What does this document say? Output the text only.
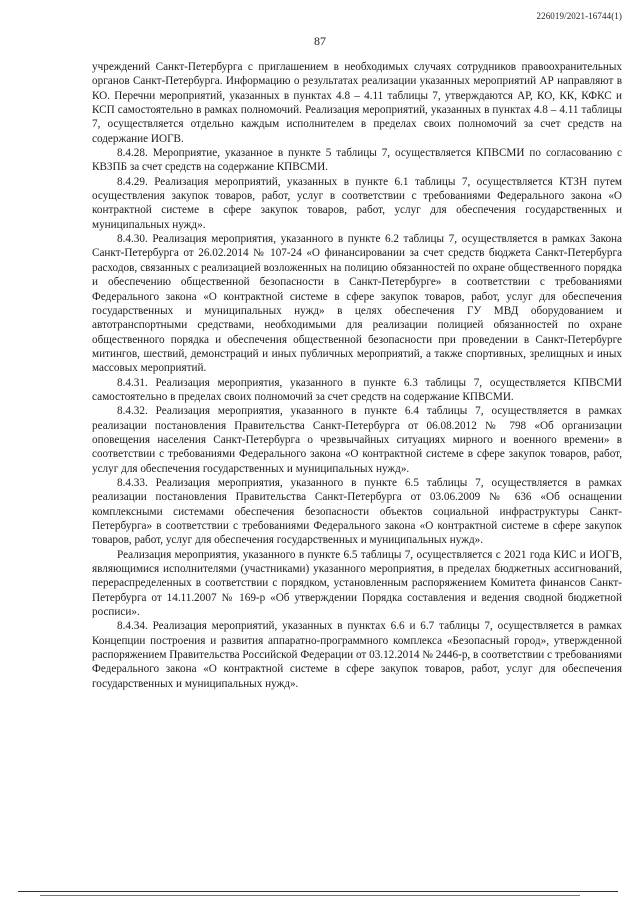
226019/2021-16744(1)
87

учреждений Санкт-Петербурга с приглашением в необходимых случаях сотрудников правоохранительных органов Санкт-Петербурга. Информацию о результатах реализации указанных мероприятий АР направляют в КО. Перечни мероприятий, указанных в пунктах 4.8 – 4.11 таблицы 7, утверждаются АР, КО, КК, КФКС и КСП самостоятельно в рамках полномочий. Реализация мероприятий, указанных в пунктах 4.8 – 4.11 таблицы 7, осуществляется отдельно каждым исполнителем в пределах своих полномочий за счет средств на содержание ИОГВ.

8.4.28. Мероприятие, указанное в пункте 5 таблицы 7, осуществляется КПВСМИ по согласованию с КВЗПБ за счет средств на содержание КПВСМИ.

8.4.29. Реализация мероприятий, указанных в пункте 6.1 таблицы 7, осуществляется КТЗН путем осуществления закупок товаров, работ, услуг в соответствии с требованиями Федерального закона «О контрактной системе в сфере закупок товаров, работ, услуг для обеспечения государственных и муниципальных нужд».

8.4.30. Реализация мероприятия, указанного в пункте 6.2 таблицы 7, осуществляется в рамках Закона Санкт-Петербурга от 26.02.2014 № 107-24 «О финансировании за счет средств бюджета Санкт-Петербурга расходов, связанных с реализацией возложенных на полицию обязанностей по охране общественного порядка и обеспечению общественной безопасности в Санкт-Петербурге» в соответствии с требованиями Федерального закона «О контрактной системе в сфере закупок товаров, работ, услуг для обеспечения государственных и муниципальных нужд» в целях обеспечения ГУ МВД оборудованием и автотранспортными средствами, необходимыми для реализации полицией обязанностей по охране общественного порядка и обеспечения общественной безопасности при проведении в Санкт-Петербурге митингов, шествий, демонстраций и иных публичных мероприятий, а также спортивных, зрелищных и иных массовых мероприятий.

8.4.31. Реализация мероприятия, указанного в пункте 6.3 таблицы 7, осуществляется КПВСМИ самостоятельно в пределах своих полномочий за счет средств на содержание КПВСМИ.

8.4.32. Реализация мероприятия, указанного в пункте 6.4 таблицы 7, осуществляется в рамках реализации постановления Правительства Санкт-Петербурга от 06.08.2012 № 798 «Об организации оповещения населения Санкт-Петербурга о чрезвычайных ситуациях мирного и военного времени» в соответствии с требованиями Федерального закона «О контрактной системе в сфере закупок товаров, работ, услуг для обеспечения государственных и муниципальных нужд».

8.4.33. Реализация мероприятия, указанного в пункте 6.5 таблицы 7, осуществляется в рамках реализации постановления Правительства Санкт-Петербурга от 03.06.2009 № 636 «Об оснащении комплексными системами обеспечения безопасности объектов социальной инфраструктуры Санкт-Петербурга» в соответствии с требованиями Федерального закона «О контрактной системе в сфере закупок товаров, работ, услуг для обеспечения государственных и муниципальных нужд».

Реализация мероприятия, указанного в пункте 6.5 таблицы 7, осуществляется с 2021 года КИС и ИОГВ, являющимися исполнителями (участниками) указанного мероприятия, в пределах бюджетных ассигнований, перераспределенных в соответствии с порядком, установленным распоряжением Комитета финансов Санкт-Петербурга от 14.11.2007 № 169-р «Об утверждении Порядка составления и ведения сводной бюджетной росписи».

8.4.34. Реализация мероприятий, указанных в пунктах 6.6 и 6.7 таблицы 7, осуществляется в рамках Концепции построения и развития аппаратно-программного комплекса «Безопасный город», утвержденной распоряжением Правительства Российской Федерации от 03.12.2014 № 2446-р, в соответствии с требованиями Федерального закона «О контрактной системе в сфере закупок товаров, работ, услуг для обеспечения государственных и муниципальных нужд».
